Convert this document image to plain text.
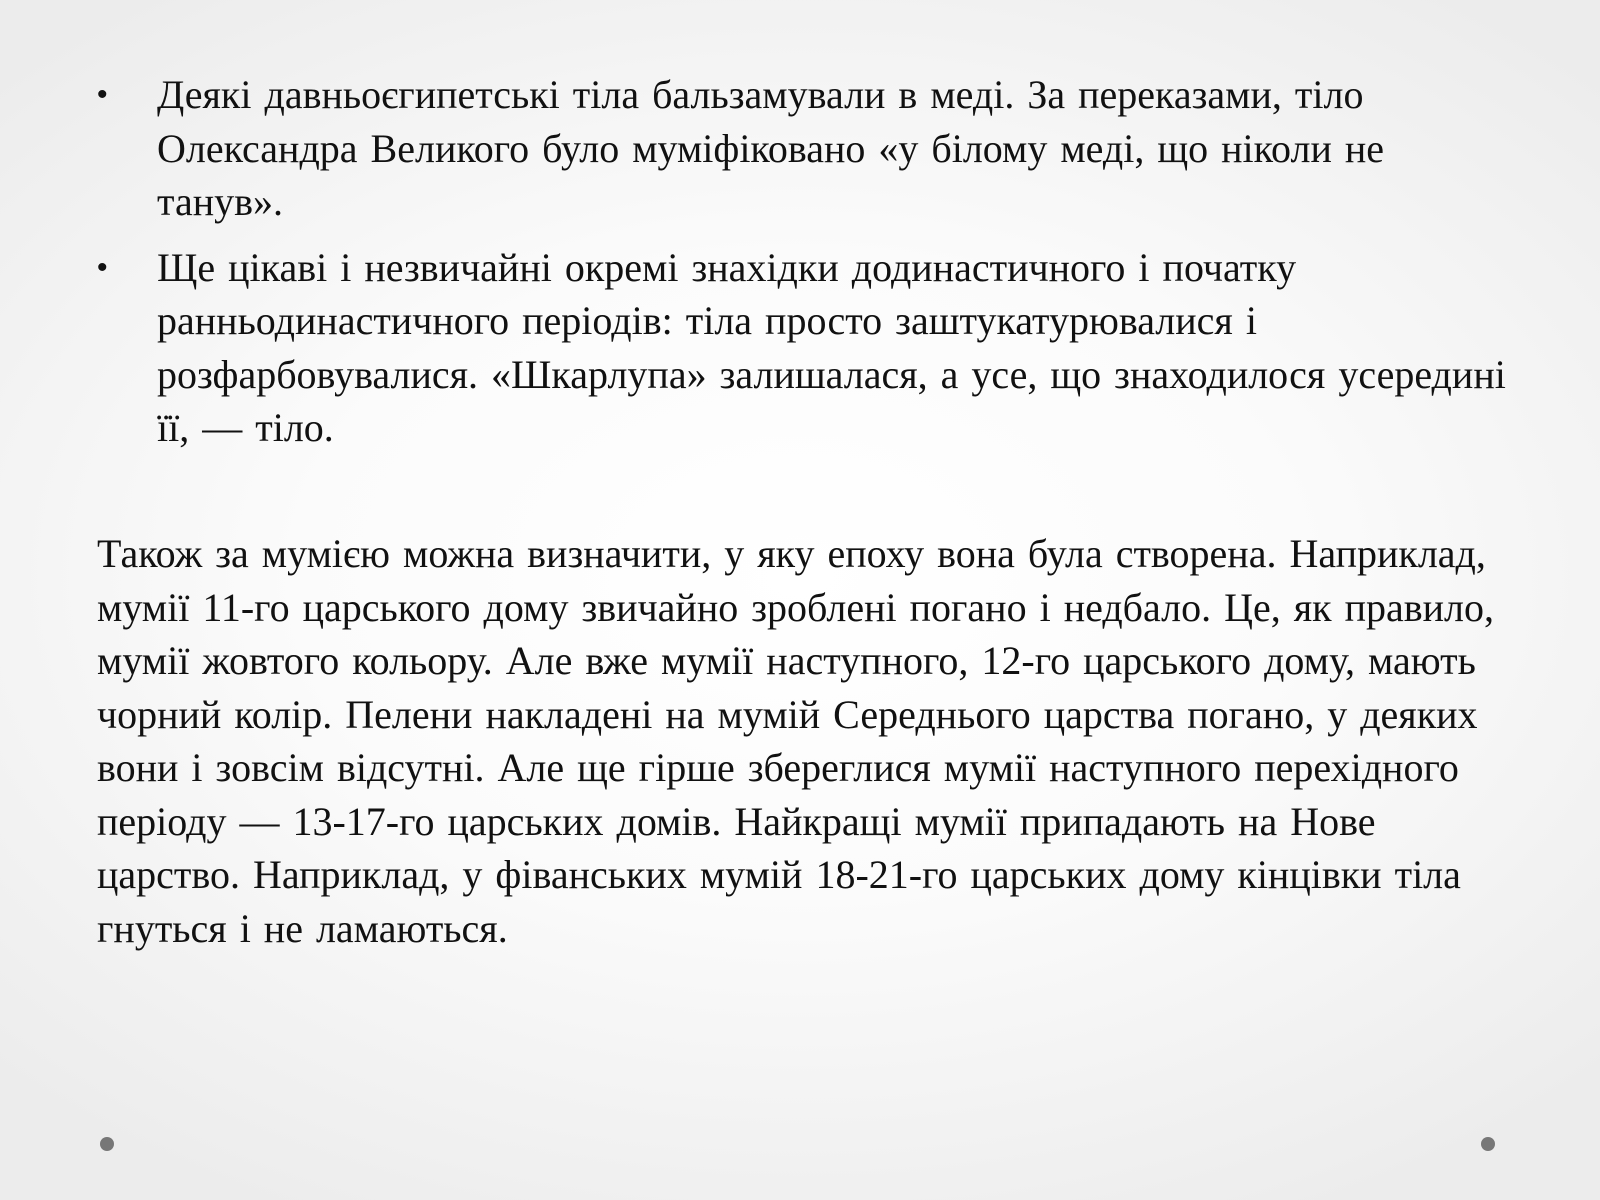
• Деякі давньоєгипетські тіла бальзамували в меді. За переказами, тіло Олександра Великого було муміфіковано «у білому меді, що ніколи не танув».
• Ще цікаві і незвичайні окремі знахідки додинастичного і початку ранньодинастичного періодів: тіла просто заштукатурювалися і розфарбовувалися. «Шкарлупа» залишалася, а усе, що знаходилося усередині її, — тіло.

Також за мумією можна визначити, у яку епоху вона була створена. Наприклад, мумії 11-го царського дому звичайно зроблені погано і недбало. Це, як правило, мумії жовтого кольору. Але вже мумії наступного, 12-го царського дому, мають чорний колір. Пелени накладені на мумій Середнього царства погано, у деяких вони і зовсім відсутні. Але ще гірше збереглися мумії наступного перехідного періоду — 13-17-го царських домів. Найкращі мумії припадають на Нове царство. Наприклад, у фіванських мумій 18-21-го царських дому кінцівки тіла гнуться і не ламаються.
